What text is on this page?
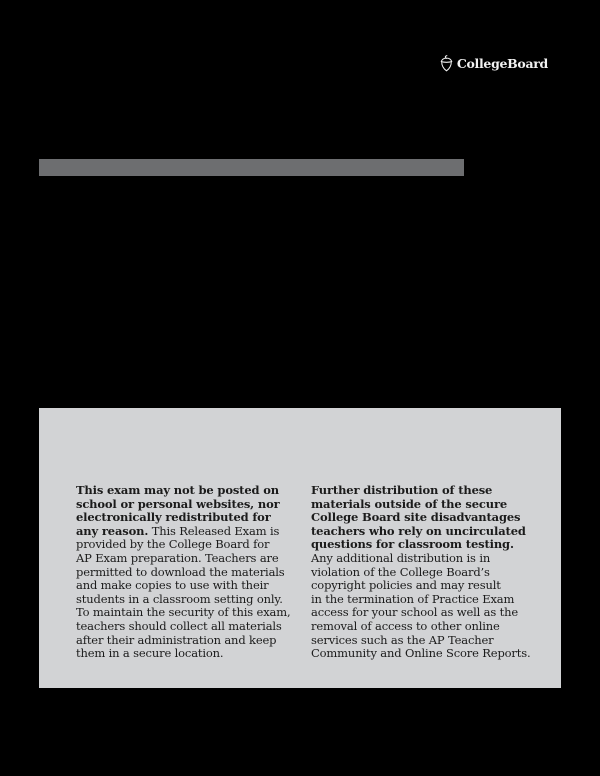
CollegeBoard
This exam may not be posted on
school or personal websites, nor
electronically redistributed for
any reason. This Released Exam is
provided by the College Board for
AP Exam preparation. Teachers are
permitted to download the materials
and make copies to use with their
students in a classroom setting only.
To maintain the security of this exam,
teachers should collect all materials
after their administration and keep
them in a secure location.
Further distribution of these
materials outside of the secure
College Board site disadvantages
teachers who rely on uncirculated
questions for classroom testing.
Any additional distribution is in
violation of the College Board’s
copyright policies and may result
in the termination of Practice Exam
access for your school as well as the
removal of access to other online
services such as the AP Teacher
Community and Online Score Reports.
